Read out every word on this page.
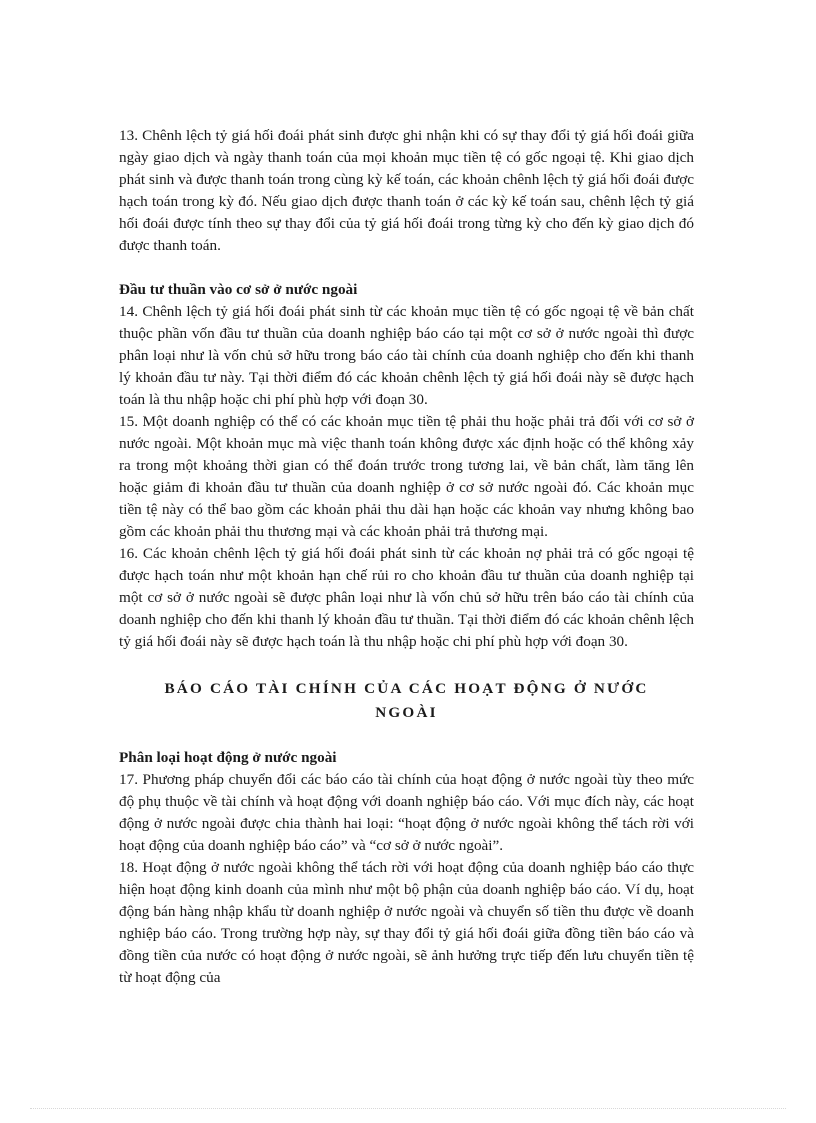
13. Chênh lệch tỷ giá hối đoái phát sinh được ghi nhận khi có sự thay đổi tỷ giá hối đoái giữa ngày giao dịch và ngày thanh toán của mọi khoản mục tiền tệ có gốc ngoại tệ. Khi giao dịch phát sinh và được thanh toán trong cùng kỳ kế toán, các khoản chênh lệch tỷ giá hối đoái được hạch toán trong kỳ đó. Nếu giao dịch được thanh toán ở các kỳ kế toán sau, chênh lệch tỷ giá hối đoái được tính theo sự thay đổi của tỷ giá hối đoái trong từng kỳ cho đến kỳ giao dịch đó được thanh toán.

Đầu tư thuần vào cơ sở ở nước ngoài

14. Chênh lệch tỷ giá hối đoái phát sinh từ các khoản mục tiền tệ có gốc ngoại tệ về bản chất thuộc phần vốn đầu tư thuần của doanh nghiệp báo cáo tại một cơ sở ở nước ngoài thì được phân loại như là vốn chủ sở hữu trong báo cáo tài chính của doanh nghiệp cho đến khi thanh lý khoản đầu tư này. Tại thời điểm đó các khoản chênh lệch tỷ giá hối đoái này sẽ được hạch toán là thu nhập hoặc chi phí phù hợp với đoạn 30.

15. Một doanh nghiệp có thể có các khoản mục tiền tệ phải thu hoặc phải trả đối với cơ sở ở nước ngoài. Một khoản mục mà việc thanh toán không được xác định hoặc có thể không xảy ra trong một khoảng thời gian có thể đoán trước trong tương lai, về bản chất, làm tăng lên hoặc giảm đi khoản đầu tư thuần của doanh nghiệp ở cơ sở nước ngoài đó. Các khoản mục tiền tệ này có thể bao gồm các khoản phải thu dài hạn hoặc các khoản vay nhưng không bao gồm các khoản phải thu thương mại và các khoản phải trả thương mại.

16. Các khoản chênh lệch tỷ giá hối đoái phát sinh từ các khoản nợ phải trả có gốc ngoại tệ được hạch toán như một khoản hạn chế rủi ro cho khoản đầu tư thuần của doanh nghiệp tại một cơ sở ở nước ngoài sẽ được phân loại như là vốn chủ sở hữu trên báo cáo tài chính của doanh nghiệp cho đến khi thanh lý khoản đầu tư thuần. Tại thời điểm đó các khoản chênh lệch tỷ giá hối đoái này sẽ được hạch toán là thu nhập hoặc chi phí phù hợp với đoạn 30.

BÁO CÁO TÀI CHÍNH CỦA CÁC HOẠT ĐỘNG Ở NƯỚC NGOÀI

Phân loại hoạt động ở nước ngoài

17. Phương pháp chuyển đổi các báo cáo tài chính của hoạt động ở nước ngoài tùy theo mức độ phụ thuộc về tài chính và hoạt động với doanh nghiệp báo cáo. Với mục đích này, các hoạt động ở nước ngoài được chia thành hai loại: “hoạt động ở nước ngoài không thể tách rời với hoạt động của doanh nghiệp báo cáo” và “cơ sở ở nước ngoài”.

18. Hoạt động ở nước ngoài không thể tách rời với hoạt động của doanh nghiệp báo cáo thực hiện hoạt động kinh doanh của mình như một bộ phận của doanh nghiệp báo cáo. Ví dụ, hoạt động bán hàng nhập khẩu từ doanh nghiệp ở nước ngoài và chuyển số tiền thu được về doanh nghiệp báo cáo. Trong trường hợp này, sự thay đổi tỷ giá hối đoái giữa đồng tiền báo cáo và đồng tiền của nước có hoạt động ở nước ngoài, sẽ ảnh hưởng trực tiếp đến lưu chuyển tiền tệ từ hoạt động của
